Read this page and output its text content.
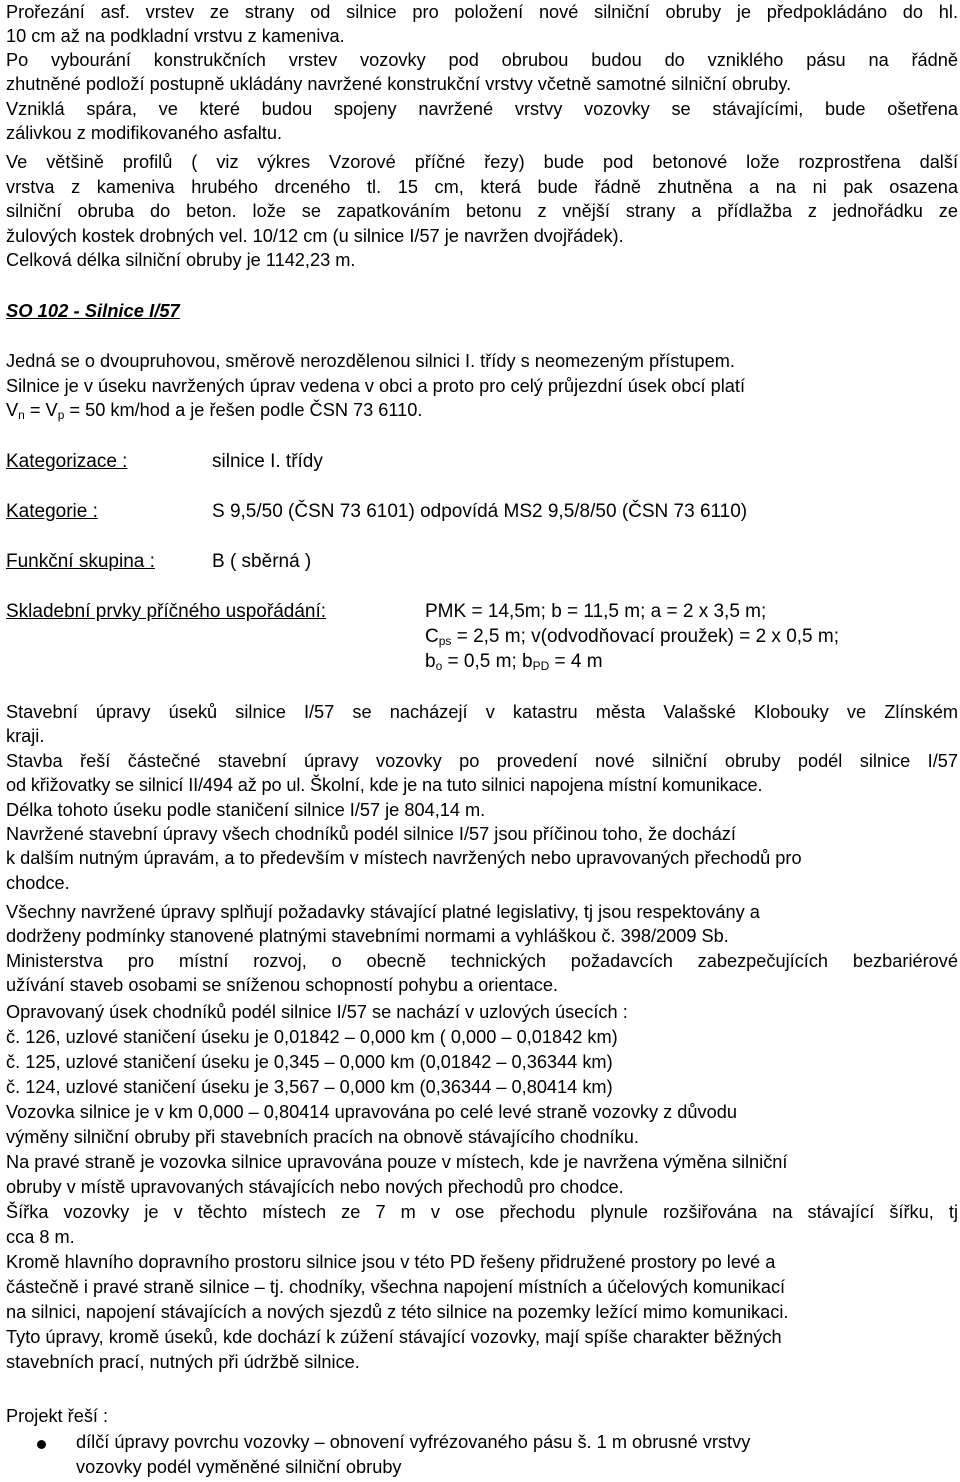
Prořezání asf. vrstev ze strany od silnice pro položení nové silniční obruby je předpokládáno do hl.
10 cm až na podkladní vrstvu z kameniva.
Po vybourání konstrukčních vrstev vozovky pod obrubou budou do vzniklého pásu na řádně
zhutněné podloží postupně ukládány navržené konstrukční vrstvy včetně samotné silniční obruby.
Vzniklá spára, ve které budou spojeny navržené vrstvy vozovky se stávajícími, bude ošetřena
zálivkou z modifikovaného asfaltu.
Ve většině profilů ( viz výkres Vzorové příčné řezy) bude pod betonové lože rozprostřena další
vrstva z kameniva hrubého drceného tl. 15 cm, která bude řádně zhutněna a na ni pak osazena
silniční obruba do beton. lože se zapatkováním betonu z vnější strany a přídlažba z jednořádku ze
žulových kostek drobných vel. 10/12 cm (u silnice I/57 je navržen dvojřádek).
Celková délka silniční obruby je 1142,23 m.
SO 102 - Silnice I/57
Jedná se o dvoupruhovou, směrově nerozdělenou silnici I. třídy s neomezeným přístupem.
Silnice je v úseku navržených úprav vedena v obci a proto pro celý průjezdní úsek obcí platí
$V_n = V_p = 50$ km/hod a je řešen podle ČSN 73 6110.
Kategorizace :	silnice I. třídy
Kategorie :	S 9,5/50 (ČSN 73 6101) odpovídá MS2 9,5/8/50 (ČSN 73 6110)
Funkční skupina :	B ( sběrná )
Skladební prvky příčného uspořádání:	PMK = 14,5m; b = 11,5 m; a = 2 x 3,5 m;
$C_{ps} = 2,5$ m; v(odvodňovací proužek) = 2 x 0,5 m;
$b_o = 0,5$ m; $b_{PD} = 4$ m
Stavební úpravy úseků silnice I/57 se nacházejí v katastru města Valašské Klobouky ve Zlínském
kraji.
Stavba řeší částečné stavební úpravy vozovky po provedení nové silniční obruby podél silnice I/57
od křižovatky se silnicí II/494 až po ul. Školní, kde je na tuto silnici napojena místní komunikace.
Délka tohoto úseku podle staničení silnice I/57 je 804,14 m.
Navržené stavební úpravy všech chodníků podél silnice I/57 jsou příčinou toho, že dochází
k dalším nutným úpravám, a to především v místech navržených nebo upravovaných přechodů pro
chodce.
Všechny navržené úpravy splňují požadavky stávající platné legislativy, tj jsou respektovány a
dodrženy podmínky stanovené platnými stavebními normami a vyhláškou č. 398/2009 Sb.
Ministerstva pro místní rozvoj, o obecně technických požadavcích zabezpečujících bezbariérové
užívání staveb osobami se sníženou schopností pohybu a orientace.
Opravovaný úsek chodníků podél silnice I/57 se nachází v uzlových úsecích :
č. 126, uzlové staničení úseku je 0,01842 – 0,000 km ( 0,000 – 0,01842 km)
č. 125, uzlové staničení úseku je 0,345 – 0,000 km (0,01842 – 0,36344 km)
č. 124, uzlové staničení úseku je 3,567 – 0,000 km (0,36344 – 0,80414 km)
Vozovka silnice je v km 0,000 – 0,80414 upravována po celé levé straně vozovky z důvodu
výměny silniční obruby při stavebních pracích na obnově stávajícího chodníku.
Na pravé straně je vozovka silnice upravována pouze v místech, kde je navržena výměna silniční
obruby v místě upravovaných stávajících nebo nových přechodů pro chodce.
Šířka vozovky je v těchto místech ze 7 m v ose přechodu plynule rozšiřována na stávající šířku, tj
cca 8 m.
Kromě hlavního dopravního prostoru silnice jsou v této PD řešeny přidružené prostory po levé a
částečně i pravé straně silnice – tj. chodníky, všechna napojení místních a účelových komunikací
na silnici, napojení stávajících a nových sjezdů z této silnice na pozemky ležící mimo komunikaci.
Tyto úpravy, kromě úseků, kde dochází k zúžení stávající vozovky, mají spíše charakter běžných
stavebních prací, nutných při údržbě silnice.
Projekt řeší :
dílčí úpravy povrchu vozovky – obnovení vyfrézovaného pásu š. 1 m obrusné vrstvy
vozovky podél vyměněné silniční obruby
